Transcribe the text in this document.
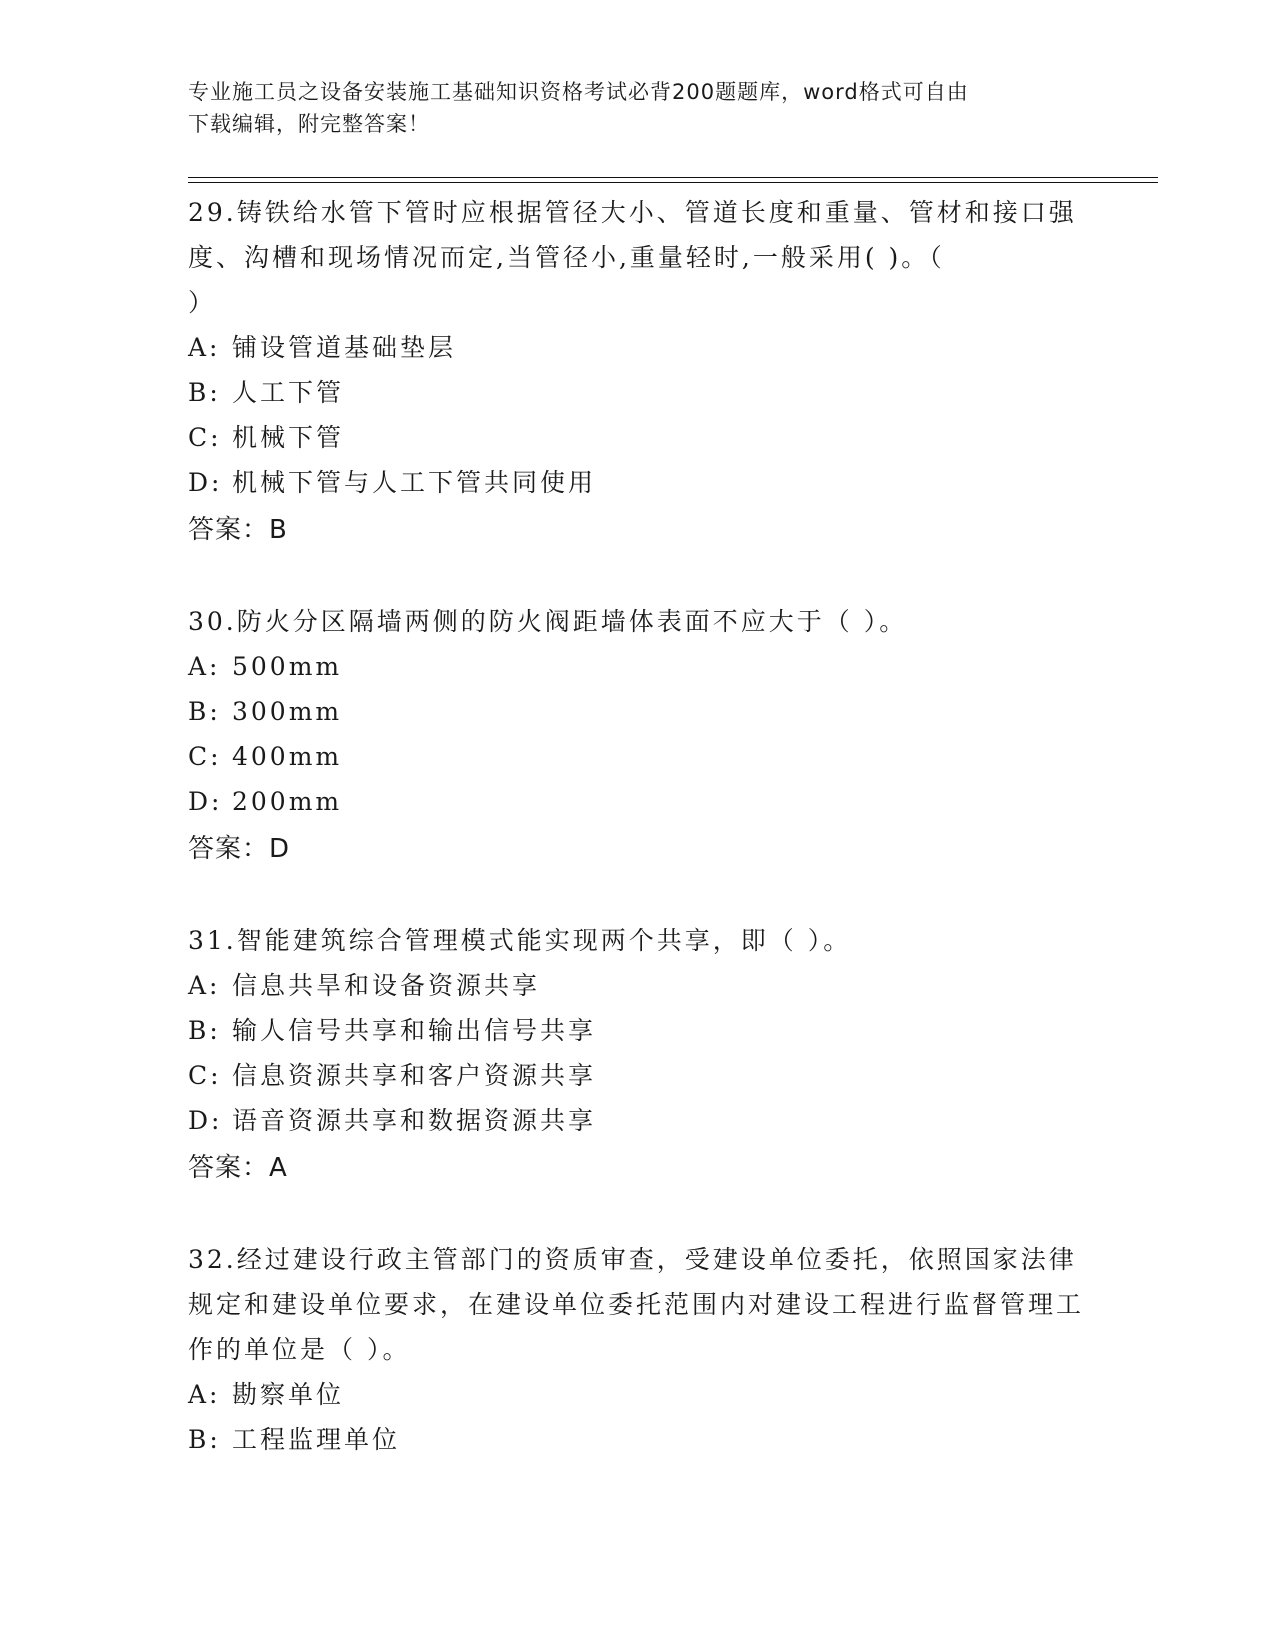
专业施工员之设备安装施工基础知识资格考试必背200题题库，word格式可自由
下载编辑，附完整答案！

29.铸铁给水管下管时应根据管径大小、管道长度和重量、管材和接口强度、沟槽和现场情况而定,当管径小,重量轻时,一般采用( )。（
）

A: 铺设管道基础垫层
B: 人工下管
C: 机械下管
D: 机械下管与人工下管共同使用

答案：B

30.防火分区隔墙两侧的防火阀距墙体表面不应大于（ ）。

A: 500mm
B: 300mm
C: 400mm
D: 200mm

答案：D

31.智能建筑综合管理模式能实现两个共享，即（ ）。

A: 信息共旱和设备资源共享
B: 输人信号共享和输出信号共享
C: 信息资源共享和客户资源共享
D: 语音资源共享和数据资源共享

答案：A

32.经过建设行政主管部门的资质审查，受建设单位委托，依照国家法律规定和建设单位要求，在建设单位委托范围内对建设工程进行监督管理工作的单位是（ ）。

A: 勘察单位
B: 工程监理单位
